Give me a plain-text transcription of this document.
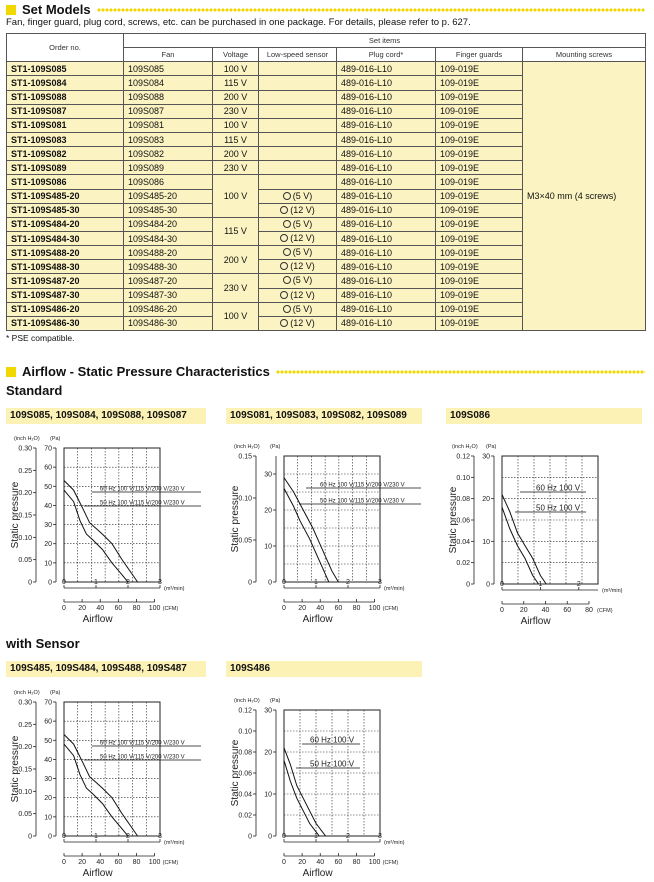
Set Models
Fan, finger guard, plug cord, screws, etc. can be purchased in one package. For details, please refer to p. 627.
Order no.	Set items					
	Fan	Voltage	Low-speed sensor	Plug cord*	Finger guards	Mounting screws
ST1-109S085	109S085	100 V		489-016-L10	109-019E	M3×40 mm (4 screws)
ST1-109S084	109S084	115 V		489-016-L10	109-019E	
ST1-109S088	109S088	200 V		489-016-L10	109-019E	
ST1-109S087	109S087	230 V		489-016-L10	109-019E	
ST1-109S081	109S081	100 V		489-016-L10	109-019E	
ST1-109S083	109S083	115 V		489-016-L10	109-019E	
ST1-109S082	109S082	200 V		489-016-L10	109-019E	
ST1-109S089	109S089	230 V		489-016-L10	109-019E	
ST1-109S086	109S086	100 V		489-016-L10	109-019E	
ST1-109S485-20	109S485-20		(5 V)	489-016-L10	109-019E	
ST1-109S485-30	109S485-30		(12 V)	489-016-L10	109-019E	
ST1-109S484-20	109S484-20	115 V	(5 V)	489-016-L10	109-019E	
ST1-109S484-30	109S484-30		(12 V)	489-016-L10	109-019E	
ST1-109S488-20	109S488-20	200 V	(5 V)	489-016-L10	109-019E	
ST1-109S488-30	109S488-30		(12 V)	489-016-L10	109-019E	
ST1-109S487-20	109S487-20	230 V	(5 V)	489-016-L10	109-019E	
ST1-109S487-30	109S487-30		(12 V)	489-016-L10	109-019E	
ST1-109S486-20	109S486-20	100 V	(5 V)	489-016-L10	109-019E	
ST1-109S486-30	109S486-30		(12 V)	489-016-L10	109-019E	
* PSE compatible.
Airflow - Static Pressure Characteristics
Standard
with Sensor
109S085, 109S084, 109S088, 109S087	109S081, 109S083, 109S082, 109S089	109S086
109S485, 109S484, 109S488, 109S487	109S486
(inch H₂O) (Pa)
0
10
20
30
40
50
60
70
0
0.05
0.10
0.15
0.20
0.25
0.30
Static pressure
0	1	2	3
(m³/min)
0 20 40 60 80 100 (CFM)
Airflow
60 Hz 100 V/115 V/200 V/230 V
50 Hz 100 V/115 V/200 V/230 V
(inch H₂O) (Pa)
0
10
20
30
0
0.05
0.10
0.15
Static pressure
0	1	2	3
(m³/min)
0 20 40 60 80 100 (CFM)
Airflow
60 Hz 100 V/115 V/200 V/230 V
50 Hz 100 V/115 V/200 V/230 V
(inch H₂O) (Pa)
0
10
20
30
0
0.02
0.04
0.06
0.08
0.10
0.12
Static pressure
0	1	2
(m³/min)
0 20 40 60 80 (CFM)
Airflow
60 Hz 100 V
50 Hz 100 V
(inch H₂O) (Pa)
0
10
20
30
40
50
60
70
0
0.05
0.10
0.15
0.20
0.25
0.30
Static pressure
0	1	2	3
(m³/min)
0 20 40 60 80 100 (CFM)
Airflow
60 Hz 100 V/115 V/200 V/230 V
50 Hz 100 V/115 V/200 V/230 V
(inch H₂O) (Pa)
0
10
20
30
0
0.02
0.04
0.06
0.08
0.10
0.12
Static pressure
0	1	2	3
(m³/min)
0 20 40 60 80 100 (CFM)
Airflow
60 Hz 100 V
50 Hz 100 V
